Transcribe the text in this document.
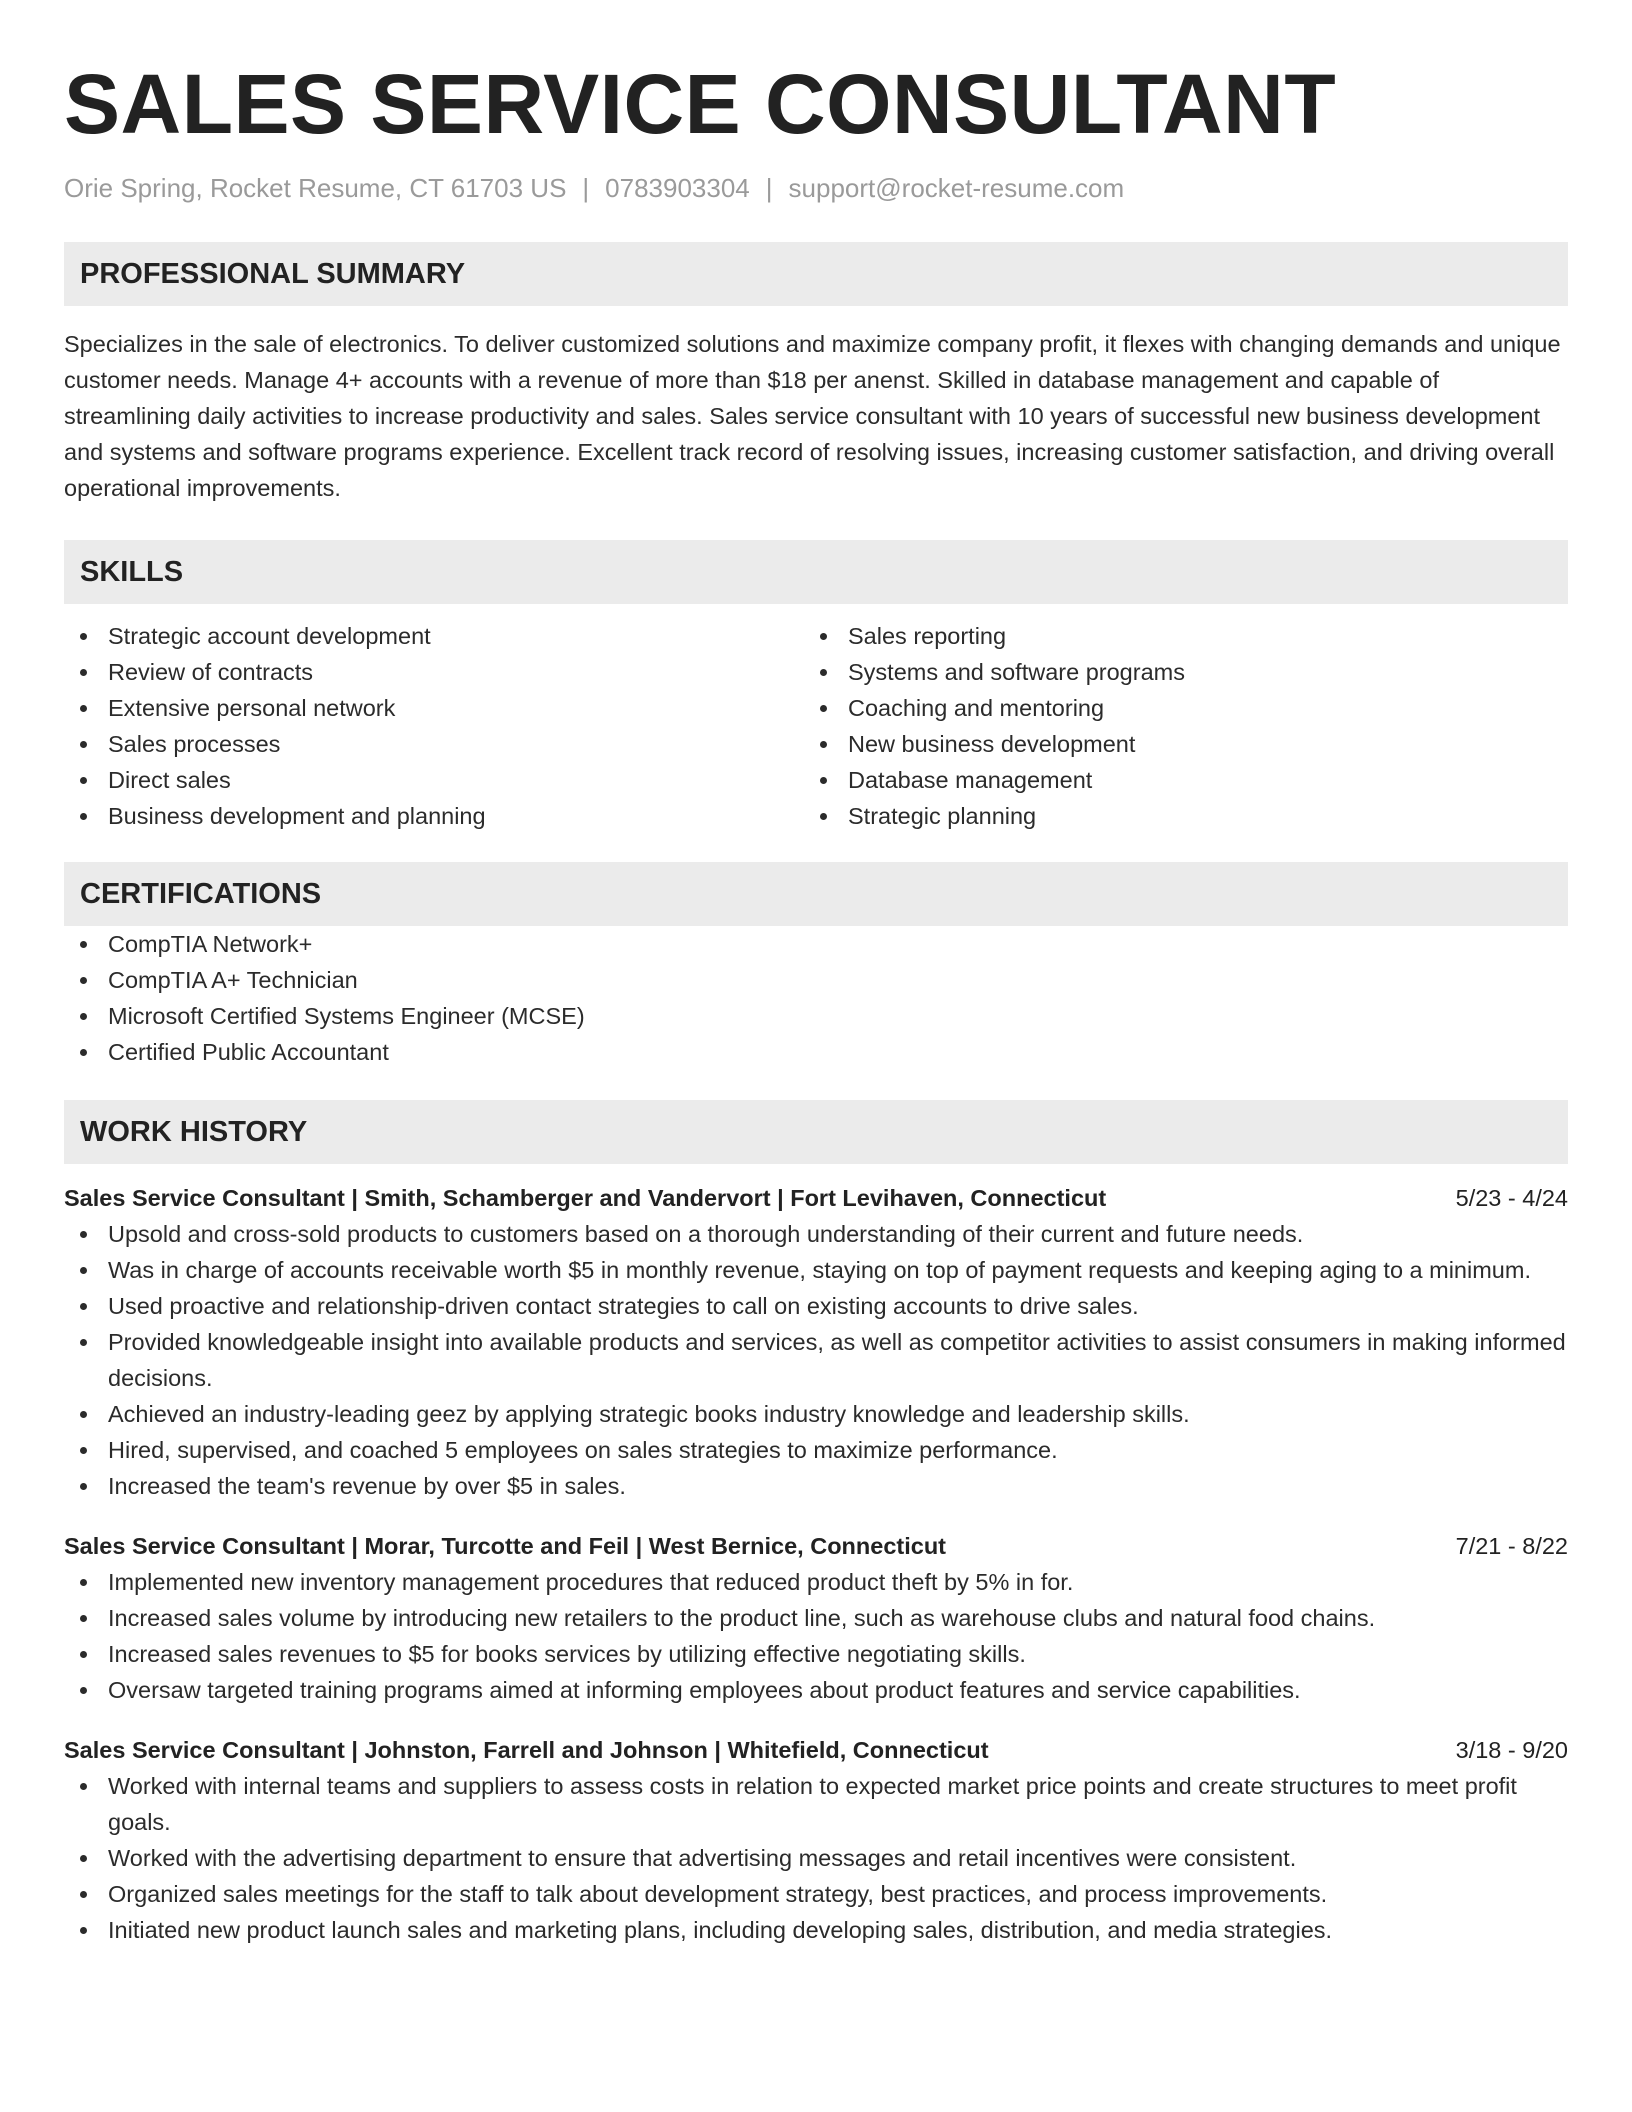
SALES SERVICE CONSULTANT
Orie Spring, Rocket Resume, CT 61703 US | 0783903304 | support@rocket-resume.com
PROFESSIONAL SUMMARY

Specializes in the sale of electronics. To deliver customized solutions and maximize company profit, it flexes with changing demands and unique customer needs. Manage 4+ accounts with a revenue of more than $18 per anenst. Skilled in database management and capable of streamlining daily activities to increase productivity and sales. Sales service consultant with 10 years of successful new business development and systems and software programs experience. Excellent track record of resolving issues, increasing customer satisfaction, and driving overall operational improvements.

SKILLS
Strategic account development
Review of contracts
Extensive personal network
Sales processes
Direct sales
Business development and planning
Sales reporting
Systems and software programs
Coaching and mentoring
New business development
Database management
Strategic planning
CERTIFICATIONS
CompTIA Network+
CompTIA A+ Technician
Microsoft Certified Systems Engineer (MCSE)
Certified Public Accountant
WORK HISTORY
Sales Service Consultant | Smith, Schamberger and Vandervort | Fort Levihaven, Connecticut	5/23 - 4/24
Upsold and cross-sold products to customers based on a thorough understanding of their current and future needs.
Was in charge of accounts receivable worth $5 in monthly revenue, staying on top of payment requests and keeping aging to a minimum.
Used proactive and relationship-driven contact strategies to call on existing accounts to drive sales.
Provided knowledgeable insight into available products and services, as well as competitor activities to assist consumers in making informed decisions.
Achieved an industry-leading geez by applying strategic books industry knowledge and leadership skills.
Hired, supervised, and coached 5 employees on sales strategies to maximize performance.
Increased the team's revenue by over $5 in sales.
Sales Service Consultant | Morar, Turcotte and Feil | West Bernice, Connecticut	7/21 - 8/22
Implemented new inventory management procedures that reduced product theft by 5% in for.
Increased sales volume by introducing new retailers to the product line, such as warehouse clubs and natural food chains.
Increased sales revenues to $5 for books services by utilizing effective negotiating skills.
Oversaw targeted training programs aimed at informing employees about product features and service capabilities.
Sales Service Consultant | Johnston, Farrell and Johnson | Whitefield, Connecticut	3/18 - 9/20
Worked with internal teams and suppliers to assess costs in relation to expected market price points and create structures to meet profit goals.
Worked with the advertising department to ensure that advertising messages and retail incentives were consistent.
Organized sales meetings for the staff to talk about development strategy, best practices, and process improvements.
Initiated new product launch sales and marketing plans, including developing sales, distribution, and media strategies.
